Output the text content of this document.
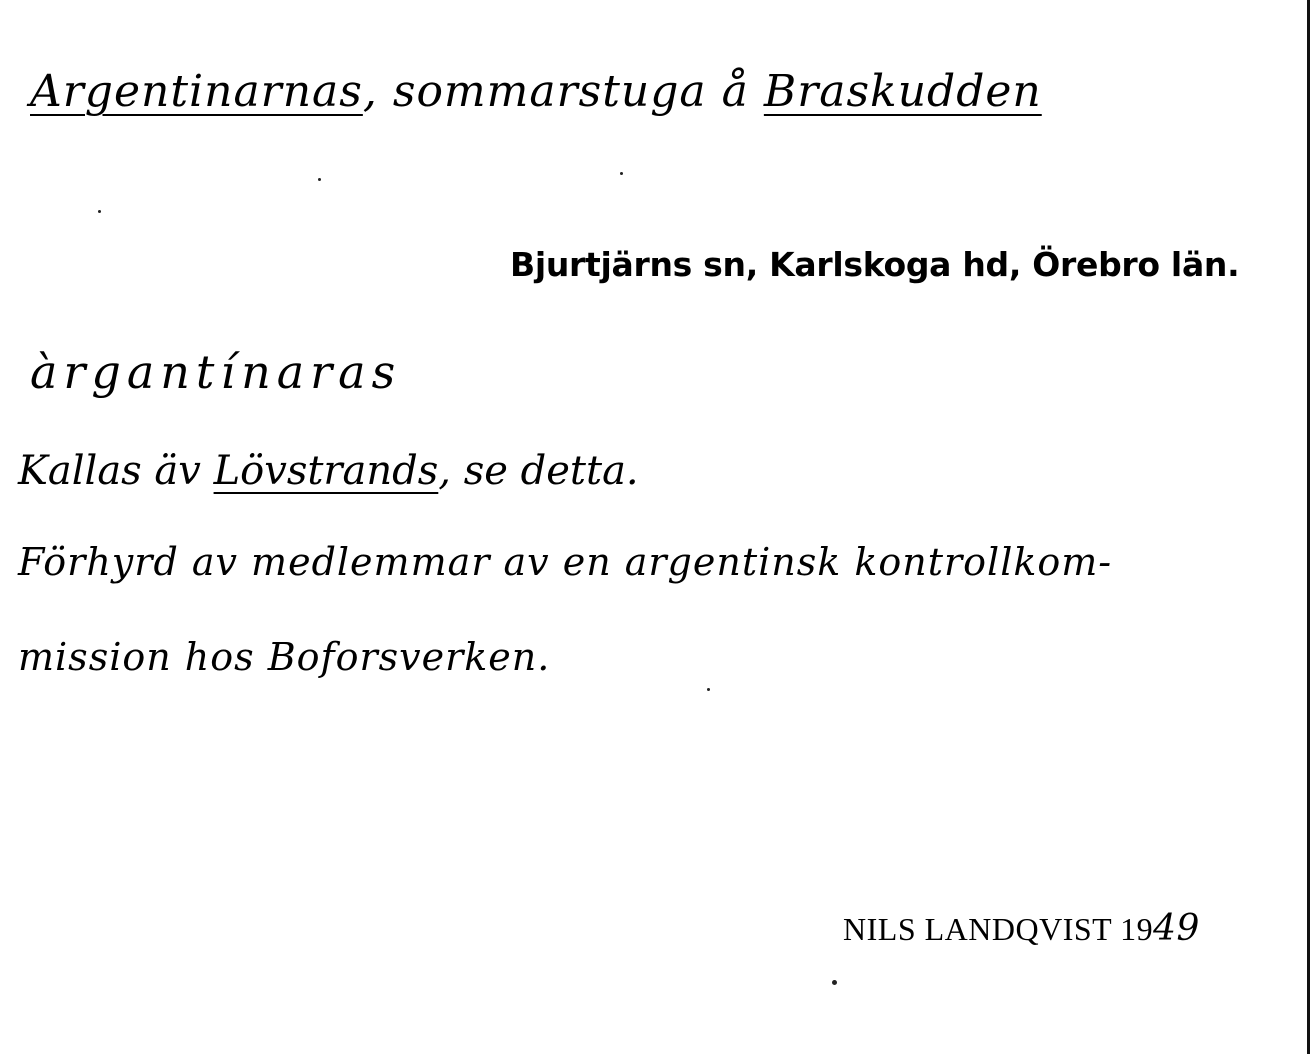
Argentinarnas, sommarstuga å Braskudden
Bjurtjärns sn, Karlskoga hd, Örebro län.
àrgantínaras
Kallas äv Lövstrands, se detta.
Förhyrd av medlemmar av en argentinsk kontrollkom-
mission hos Boforsverken.
NILS LANDQVIST 1949
